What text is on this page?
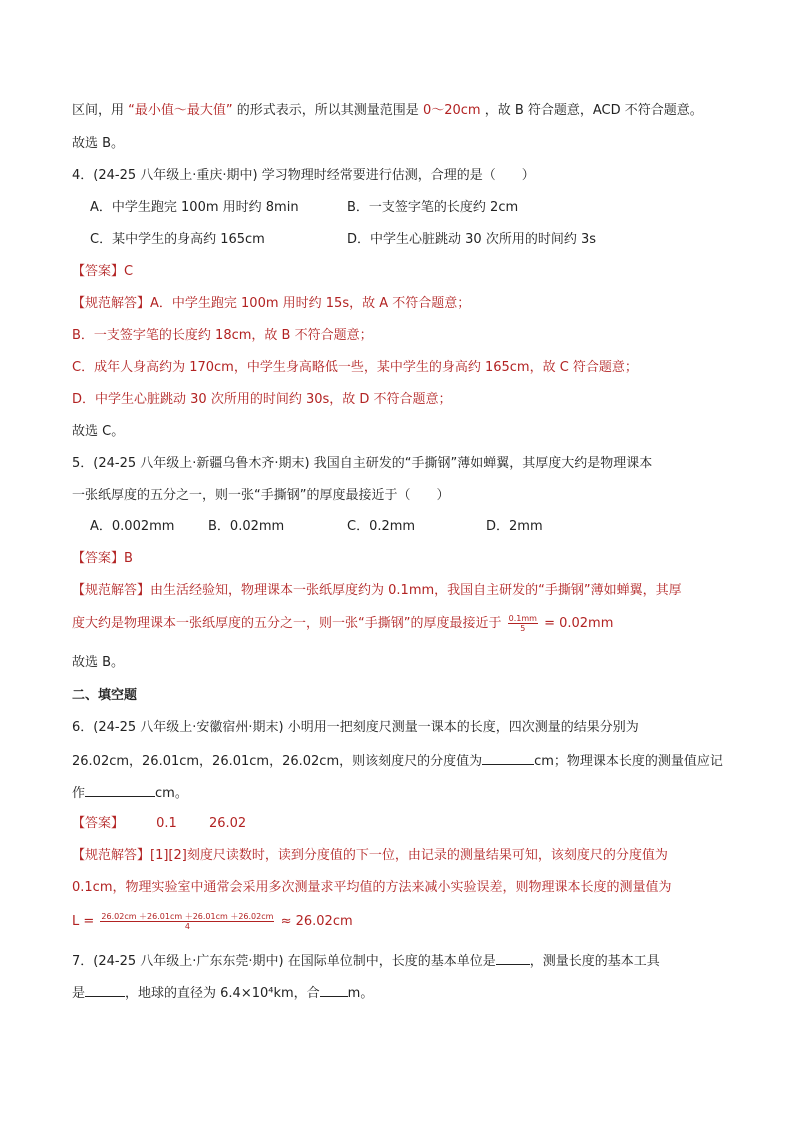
区间，用 “最小值～最大值” 的形式表示，所以其测量范围是 0～20cm ，故 B 符合题意，ACD 不符合题意。
故选 B。
4．(24-25 八年级上·重庆·期中) 学习物理时经常要进行估测，合理的是（　　）
A．中学生跑完 100m 用时约 8min	B．一支签字笔的长度约 2cm
C．某中学生的身高约 165cm	D．中学生心脏跳动 30 次所用的时间约 3s
【答案】C
【规范解答】A．中学生跑完 100m 用时约 15s，故 A 不符合题意；
B．一支签字笔的长度约 18cm，故 B 不符合题意；
C．成年人身高约为 170cm，中学生身高略低一些，某中学生的身高约 165cm，故 C 符合题意；
D．中学生心脏跳动 30 次所用的时间约 30s，故 D 不符合题意；
故选 C。
5．(24-25 八年级上·新疆乌鲁木齐·期末) 我国自主研发的“手撕钢”薄如蝉翼，其厚度大约是物理课本
一张纸厚度的五分之一，则一张“手撕钢”的厚度最接近于（　　）
A．0.002mm	B．0.02mm	C．0.2mm	D．2mm
【答案】B
【规范解答】由生活经验知，物理课本一张纸厚度约为 0.1mm，我国自主研发的“手撕钢”薄如蝉翼，其厚
度大约是物理课本一张纸厚度的五分之一，则一张“手撕钢”的厚度最接近于 $\frac{0.1mm}{5} = 0.02mm$
故选 B。
二、填空题
6．(24-25 八年级上·安徽宿州·期末) 小明用一把刻度尺测量一课本的长度，四次测量的结果分别为
26.02cm，26.01cm，26.01cm，26.02cm，则该刻度尺的分度值为	cm；物理课本长度的测量值应记
作	cm。
【答案】 0.1 26.02
【规范解答】[1][2]刻度尺读数时，读到分度值的下一位，由记录的测量结果可知，该刻度尺的分度值为
0.1cm，物理实验室中通常会采用多次测量求平均值的方法来减小实验误差，则物理课本长度的测量值为
$L = \frac{26.02cm +26.01cm +26.01cm +26.02cm}{4} \approx 26.02cm$
7．(24-25 八年级上·广东东莞·期中) 在国际单位制中，长度的基本单位是	，测量长度的基本工具
是	，地球的直径为 6.4×10⁴km，合 m。
